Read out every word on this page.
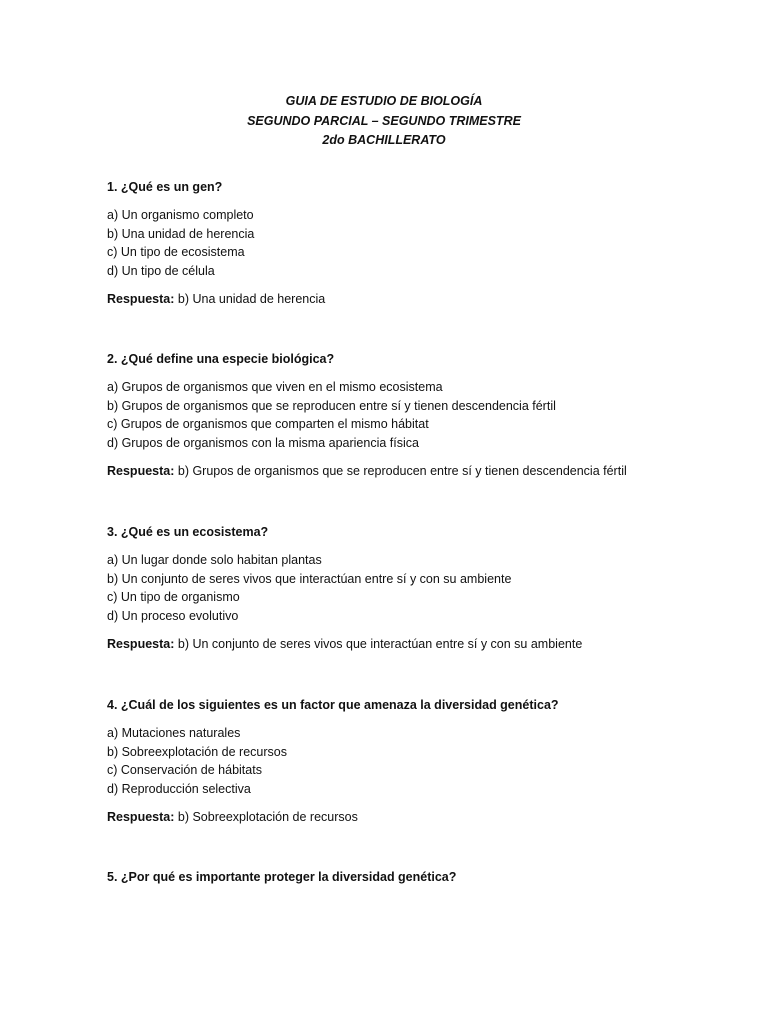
GUIA DE ESTUDIO DE BIOLOGÍA
SEGUNDO PARCIAL – SEGUNDO TRIMESTRE
2do BACHILLERATO
1. ¿Qué es un gen?
a) Un organismo completo
b) Una unidad de herencia
c) Un tipo de ecosistema
d) Un tipo de célula
Respuesta: b) Una unidad de herencia
2. ¿Qué define una especie biológica?
a) Grupos de organismos que viven en el mismo ecosistema
b) Grupos de organismos que se reproducen entre sí y tienen descendencia fértil
c) Grupos de organismos que comparten el mismo hábitat
d) Grupos de organismos con la misma apariencia física
Respuesta: b) Grupos de organismos que se reproducen entre sí y tienen descendencia fértil
3. ¿Qué es un ecosistema?
a) Un lugar donde solo habitan plantas
b) Un conjunto de seres vivos que interactúan entre sí y con su ambiente
c) Un tipo de organismo
d) Un proceso evolutivo
Respuesta: b) Un conjunto de seres vivos que interactúan entre sí y con su ambiente
4. ¿Cuál de los siguientes es un factor que amenaza la diversidad genética?
a) Mutaciones naturales
b) Sobreexplotación de recursos
c) Conservación de hábitats
d) Reproducción selectiva
Respuesta: b) Sobreexplotación de recursos
5. ¿Por qué es importante proteger la diversidad genética?
